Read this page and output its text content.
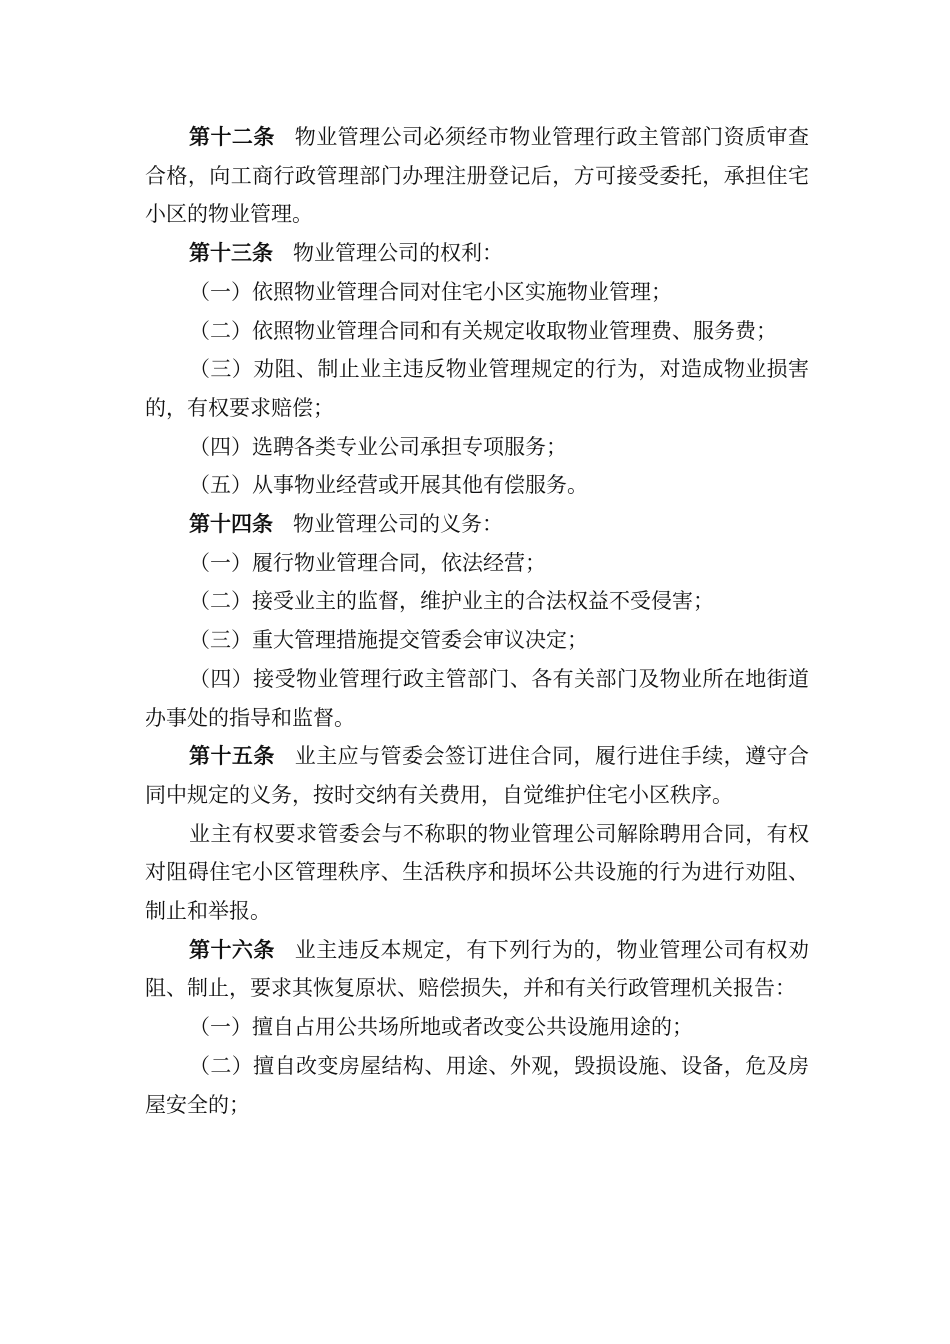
第十二条 物业管理公司必须经市物业管理行政主管部门资质审查合格，向工商行政管理部门办理注册登记后，方可接受委托，承担住宅小区的物业管理。

第十三条 物业管理公司的权利：

（一）依照物业管理合同对住宅小区实施物业管理；

（二）依照物业管理合同和有关规定收取物业管理费、服务费；

（三）劝阻、制止业主违反物业管理规定的行为，对造成物业损害的，有权要求赔偿；

（四）选聘各类专业公司承担专项服务；

（五）从事物业经营或开展其他有偿服务。

第十四条 物业管理公司的义务：

（一）履行物业管理合同，依法经营；

（二）接受业主的监督，维护业主的合法权益不受侵害；

（三）重大管理措施提交管委会审议决定；

（四）接受物业管理行政主管部门、各有关部门及物业所在地街道办事处的指导和监督。

第十五条 业主应与管委会签订进住合同，履行进住手续，遵守合同中规定的义务，按时交纳有关费用，自觉维护住宅小区秩序。

业主有权要求管委会与不称职的物业管理公司解除聘用合同，有权对阻碍住宅小区管理秩序、生活秩序和损坏公共设施的行为进行劝阻、制止和举报。

第十六条 业主违反本规定，有下列行为的，物业管理公司有权劝阻、制止，要求其恢复原状、赔偿损失，并和有关行政管理机关报告：

（一）擅自占用公共场所地或者改变公共设施用途的；

（二）擅自改变房屋结构、用途、外观，毁损设施、设备，危及房屋安全的；
